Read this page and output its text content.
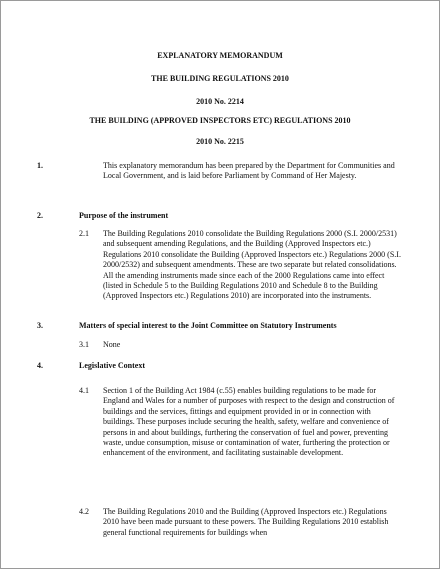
EXPLANATORY MEMORANDUM
THE BUILDING REGULATIONS 2010
2010 No. 2214
THE BUILDING (APPROVED INSPECTORS ETC) REGULATIONS 2010
2010 No. 2215
1.	This explanatory memorandum has been prepared by the Department for Communities and Local Government, and is laid before Parliament by Command of Her Majesty.
2.	Purpose of the instrument
2.1 The Building Regulations 2010 consolidate the Building Regulations 2000 (S.I. 2000/2531) and subsequent amending Regulations, and the Building (Approved Inspectors etc.) Regulations 2010 consolidate the Building (Approved Inspectors etc.) Regulations 2000 (S.I. 2000/2532) and subsequent amendments. These are two separate but related consolidations. All the amending instruments made since each of the 2000 Regulations came into effect (listed in Schedule 5 to the Building Regulations 2010 and Schedule 8 to the Building (Approved Inspectors etc.) Regulations 2010) are incorporated into the instruments.
3.	Matters of special interest to the Joint Committee on Statutory Instruments
3.1 None
4.	Legislative Context
4.1 Section 1 of the Building Act 1984 (c.55) enables building regulations to be made for England and Wales for a number of purposes with respect to the design and construction of buildings and the services, fittings and equipment provided in or in connection with buildings. These purposes include securing the health, safety, welfare and convenience of persons in and about buildings, furthering the conservation of fuel and power, preventing waste, undue consumption, misuse or contamination of water, furthering the protection or enhancement of the environment, and facilitating sustainable development.
4.2 The Building Regulations 2010 and the Building (Approved Inspectors etc.) Regulations 2010 have been made pursuant to these powers. The Building Regulations 2010 establish general functional requirements for buildings when
